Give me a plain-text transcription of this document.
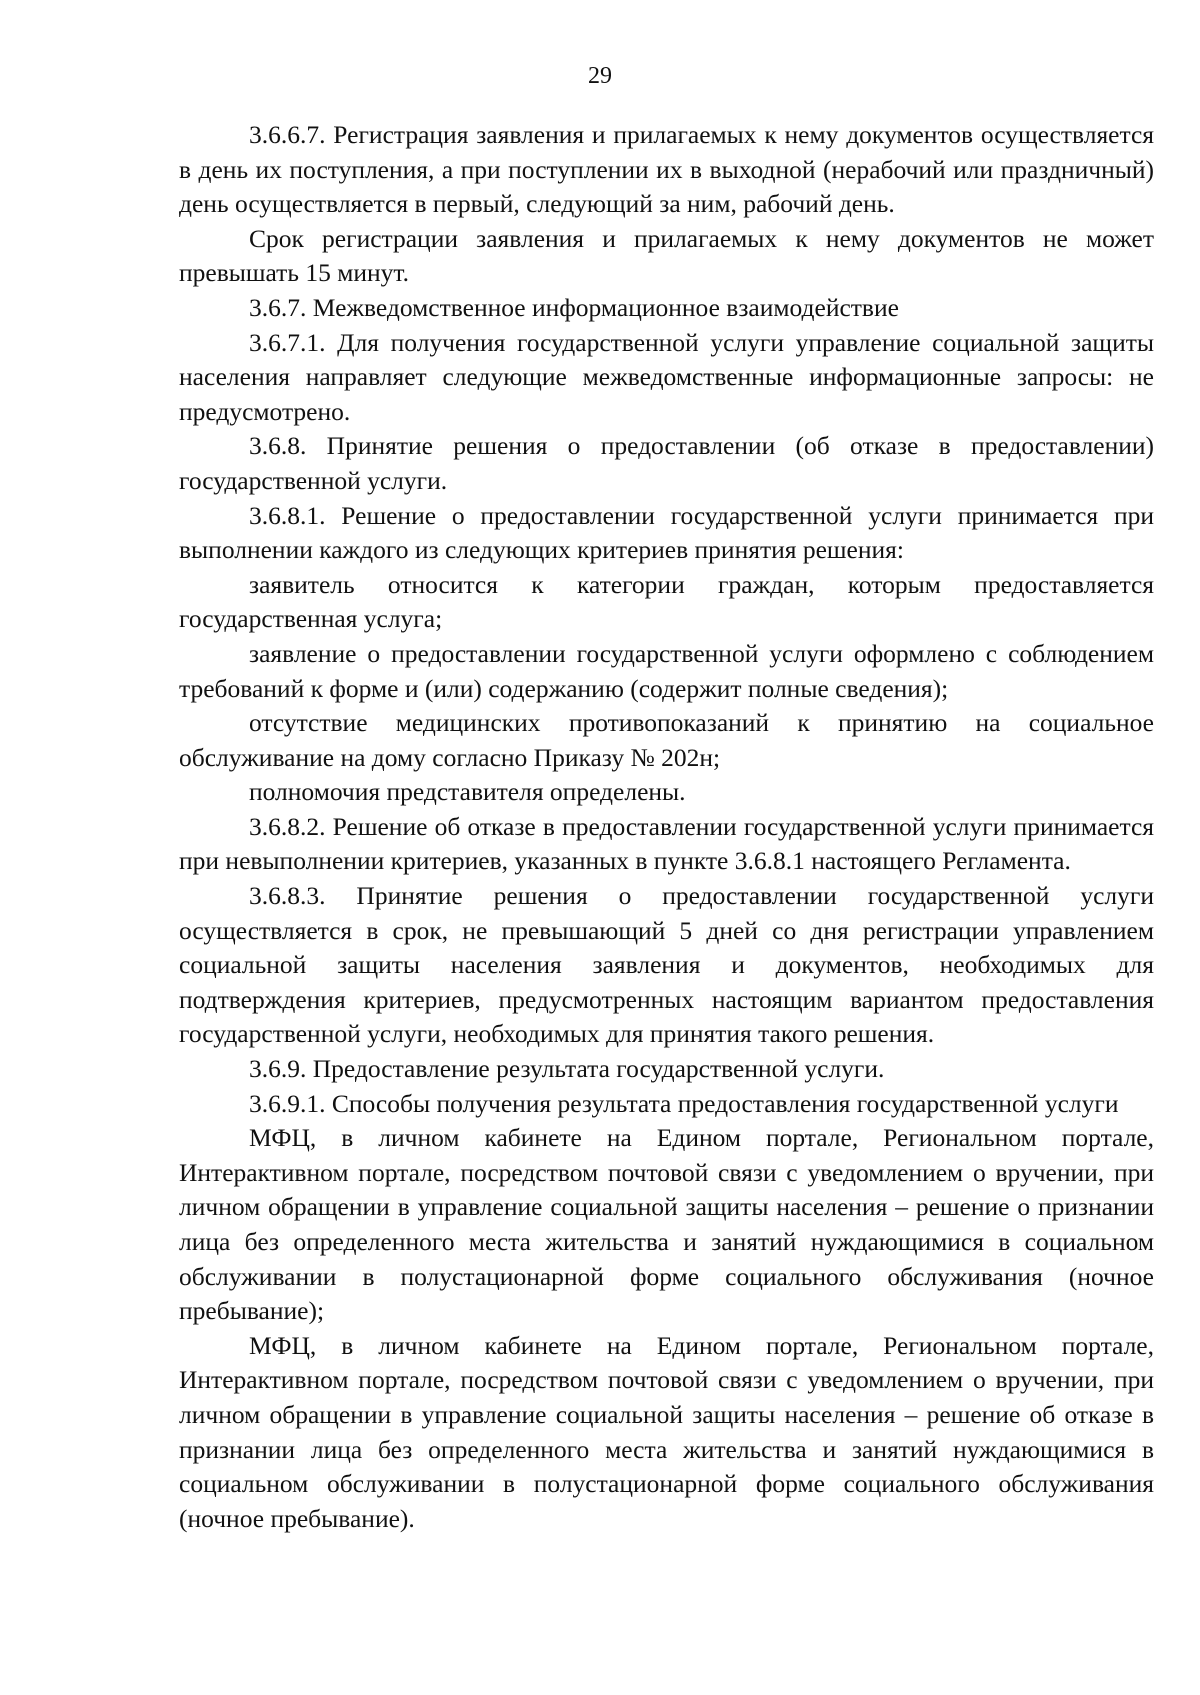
29

3.6.6.7. Регистрация заявления и прилагаемых к нему документов осуществляется в день их поступления, а при поступлении их в выходной (нерабочий или праздничный) день осуществляется в первый, следующий за ним, рабочий день.

Срок регистрации заявления и прилагаемых к нему документов не может превышать 15 минут.

3.6.7. Межведомственное информационное взаимодействие

3.6.7.1. Для получения государственной услуги управление социальной защиты населения направляет следующие межведомственные информационные запросы: не предусмотрено.

3.6.8. Принятие решения о предоставлении (об отказе в предоставлении) государственной услуги.

3.6.8.1. Решение о предоставлении государственной услуги принимается при выполнении каждого из следующих критериев принятия решения:

заявитель относится к категории граждан, которым предоставляется государственная услуга;

заявление о предоставлении государственной услуги оформлено с соблюдением требований к форме и (или) содержанию (содержит полные сведения);

отсутствие медицинских противопоказаний к принятию на социальное обслуживание на дому согласно Приказу № 202н;

полномочия представителя определены.

3.6.8.2. Решение об отказе в предоставлении государственной услуги принимается при невыполнении критериев, указанных в пункте 3.6.8.1 настоящего Регламента.

3.6.8.3. Принятие решения о предоставлении государственной услуги осуществляется в срок, не превышающий 5 дней со дня регистрации управлением социальной защиты населения заявления и документов, необходимых для подтверждения критериев, предусмотренных настоящим вариантом предоставления государственной услуги, необходимых для принятия такого решения.

3.6.9. Предоставление результата государственной услуги.

3.6.9.1. Способы получения результата предоставления государственной услуги

МФЦ, в личном кабинете на Едином портале, Региональном портале, Интерактивном портале, посредством почтовой связи с уведомлением о вручении, при личном обращении в управление социальной защиты населения – решение о признании лица без определенного места жительства и занятий нуждающимися в социальном обслуживании в полустационарной форме социального обслуживания (ночное пребывание);

МФЦ, в личном кабинете на Едином портале, Региональном портале, Интерактивном портале, посредством почтовой связи с уведомлением о вручении, при личном обращении в управление социальной защиты населения – решение об отказе в признании лица без определенного места жительства и занятий нуждающимися в социальном обслуживании в полустационарной форме социального обслуживания (ночное пребывание).
